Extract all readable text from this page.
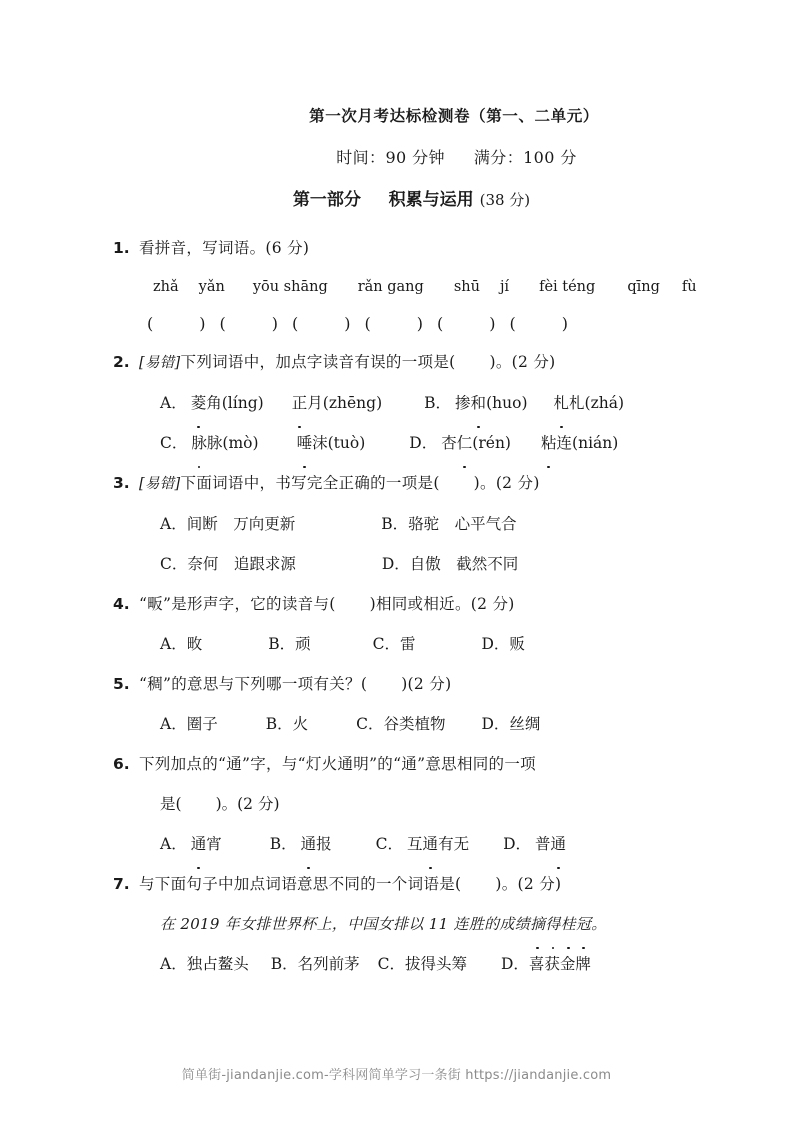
第一次月考达标检测卷（第一、二单元）
时间：90 分钟 满分：100 分
第一部分 积累与运用 (38 分)
1. 看拼音，写词语。(6 分)
zhǎ yǎn yōu shāng rǎn gang shū jí fèi téng qīng fù
(	) (	) (	) (	) (	) (	)
2. [易错]下列词语中，加点字读音有误的一项是( )。(2 分)
A． 菱角(líng) 正月(zhēng)	B． 掺和(huo) 札札(zhá)
C． 脉脉(mò) 唾沫(tuò)	D． 杏仁(rén) 粘连(nián)
3. [易错]下面词语中，书写完全正确的一项是( )。(2 分)
A．间断　万向更新	B．骆驼　心平气合
C．奈何　追跟求源	D．自傲　截然不同
4. “畈”是形声字，它的读音与( )相同或相近。(2 分)
A．畋	B．顽	C．雷	D．贩
5. “稠”的意思与下列哪一项有关？( )(2 分)
A．圈子	B．火	C．谷类植物 D．丝绸
6. 下列加点的“通”字，与“灯火通明”的“通”意思相同的一项
是( )。(2 分)
A． 通宵	B． 通报	C． 互通有无 D． 普通
7. 与下面句子中加点词语意思不同的一个词语是( )。(2 分)
在 2019 年女排世界杯上，中国女排以 11 连胜的成绩摘得桂冠。
A．独占鳌头 B．名列前茅 C．拔得头筹 D．喜获金牌
简单街-jiandanjie.com-学科网简单学习一条街 https://jiandanjie.com
